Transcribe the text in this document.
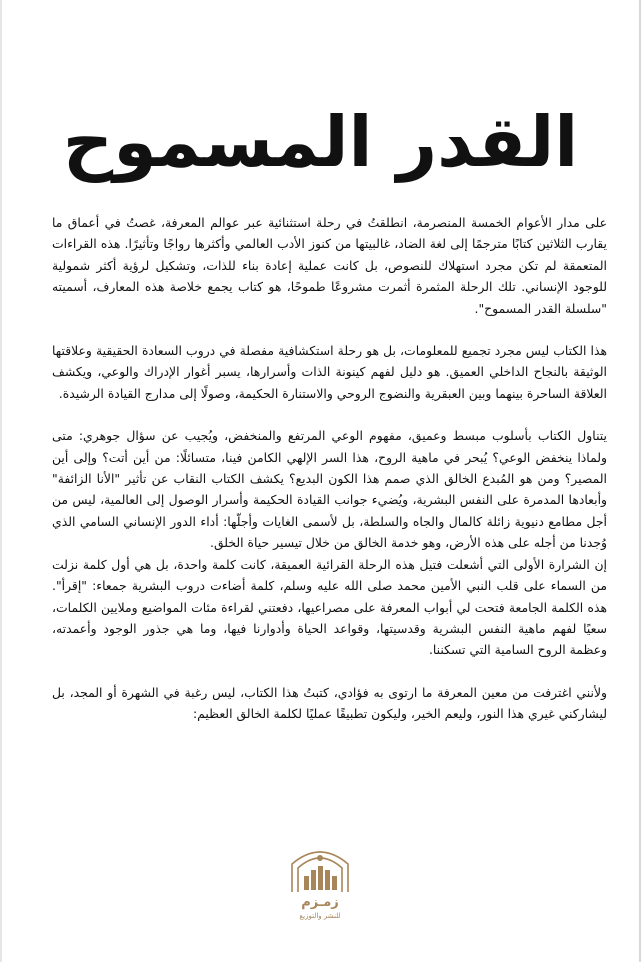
القدر المسموح

على مدار الأعوام الخمسة المنصرمة، انطلقتُ في رحلة استثنائية عبر عوالم المعرفة، غصتُ في أعماق ما يقارب الثلاثين كتابًا مترجمًا إلى لغة الضاد، غالبيتها من كنوز الأدب العالمي وأكثرها رواجًا وتأثيرًا. هذه القراءات المتعمقة لم تكن مجرد استهلاك للنصوص، بل كانت عملية إعادة بناء للذات، وتشكيل لرؤية أكثر شمولية للوجود الإنساني. تلك الرحلة المثمرة أثمرت مشروعًا طموحًا، هو كتاب يجمع خلاصة هذه المعارف، أسميته "سلسلة القدر المسموح".

هذا الكتاب ليس مجرد تجميع للمعلومات، بل هو رحلة استكشافية مفصلة في دروب السعادة الحقيقية وعلاقتها الوثيقة بالنجاح الداخلي العميق. هو دليل لفهم كينونة الذات وأسرارها، يسبر أغوار الإدراك والوعي، ويكشف العلاقة الساحرة بينهما وبين العبقرية والنضوج الروحي والاستنارة الحكيمة، وصولًا إلى مدارج القيادة الرشيدة.

يتناول الكتاب بأسلوب مبسط وعميق، مفهوم الوعي المرتفع والمنخفض، ويُجيب عن سؤال جوهري: متى ولماذا ينخفض الوعي؟ يُبحر في ماهية الروح، هذا السر الإلهي الكامن فينا، متسائلًا: من أين أتت؟ وإلى أين المصير؟ ومن هو المُبدع الخالق الذي صمم هذا الكون البديع؟ يكشف الكتاب النقاب عن تأثير "الأنا الزائفة" وأبعادها المدمرة على النفس البشرية، ويُضيء جوانب القيادة الحكيمة وأسرار الوصول إلى العالمية، ليس من أجل مطامع دنيوية زائلة كالمال والجاه والسلطة، بل لأسمى الغايات وأجلّها: أداء الدور الإنساني السامي الذي وُجدنا من أجله على هذه الأرض، وهو خدمة الخالق من خلال تيسير حياة الخلق.

إن الشرارة الأولى التي أشعلت فتيل هذه الرحلة القرائية العميقة، كانت كلمة واحدة، بل هي أول كلمة نزلت من السماء على قلب النبي الأمين محمد صلى الله عليه وسلم، كلمة أضاءت دروب البشرية جمعاء: "إقرأ". هذه الكلمة الجامعة فتحت لي أبواب المعرفة على مصراعيها، دفعتني لقراءة مئات المواضيع وملايين الكلمات، سعيًا لفهم ماهية النفس البشرية وقدسيتها، وقواعد الحياة وأدوارنا فيها، وما هي جذور الوجود وأعمدته، وعظمة الروح السامية التي تسكننا.

ولأنني اغترفت من معين المعرفة ما ارتوى به فؤادي، كتبتُ هذا الكتاب، ليس رغبة في الشهرة أو المجد، بل ليشاركني غيري هذا النور، وليعم الخير، وليكون تطبيقًا عمليًا لكلمة الخالق العظيم:

زمـزم
للنشر والتوزيع
